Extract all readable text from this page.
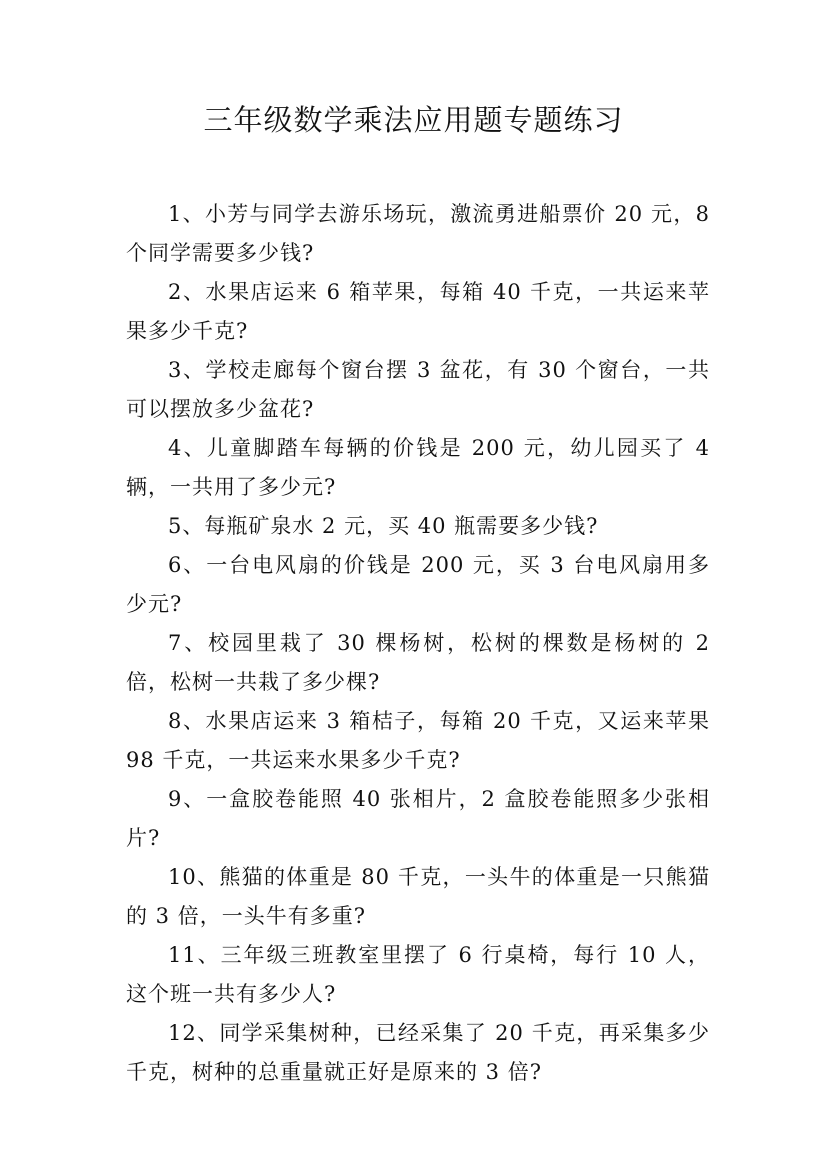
三年级数学乘法应用题专题练习
1、小芳与同学去游乐场玩，激流勇进船票价 20 元，8 个同学需要多少钱?
2、水果店运来 6 箱苹果，每箱 40 千克，一共运来苹果多少千克?
3、学校走廊每个窗台摆 3 盆花，有 30 个窗台，一共可以摆放多少盆花?
4、儿童脚踏车每辆的价钱是 200 元，幼儿园买了 4 辆，一共用了多少元?
5、每瓶矿泉水 2 元，买 40 瓶需要多少钱?
6、一台电风扇的价钱是 200 元，买 3 台电风扇用多少元?
7、校园里栽了 30 棵杨树，松树的棵数是杨树的 2 倍，松树一共栽了多少棵?
8、水果店运来 3 箱桔子，每箱 20 千克，又运来苹果 98 千克，一共运来水果多少千克?
9、一盒胶卷能照 40 张相片，2 盒胶卷能照多少张相片?
10、熊猫的体重是 80 千克，一头牛的体重是一只熊猫的 3 倍，一头牛有多重?
11、三年级三班教室里摆了 6 行桌椅，每行 10 人，这个班一共有多少人?
12、同学采集树种，已经采集了 20 千克，再采集多少千克，树种的总重量就正好是原来的 3 倍?
